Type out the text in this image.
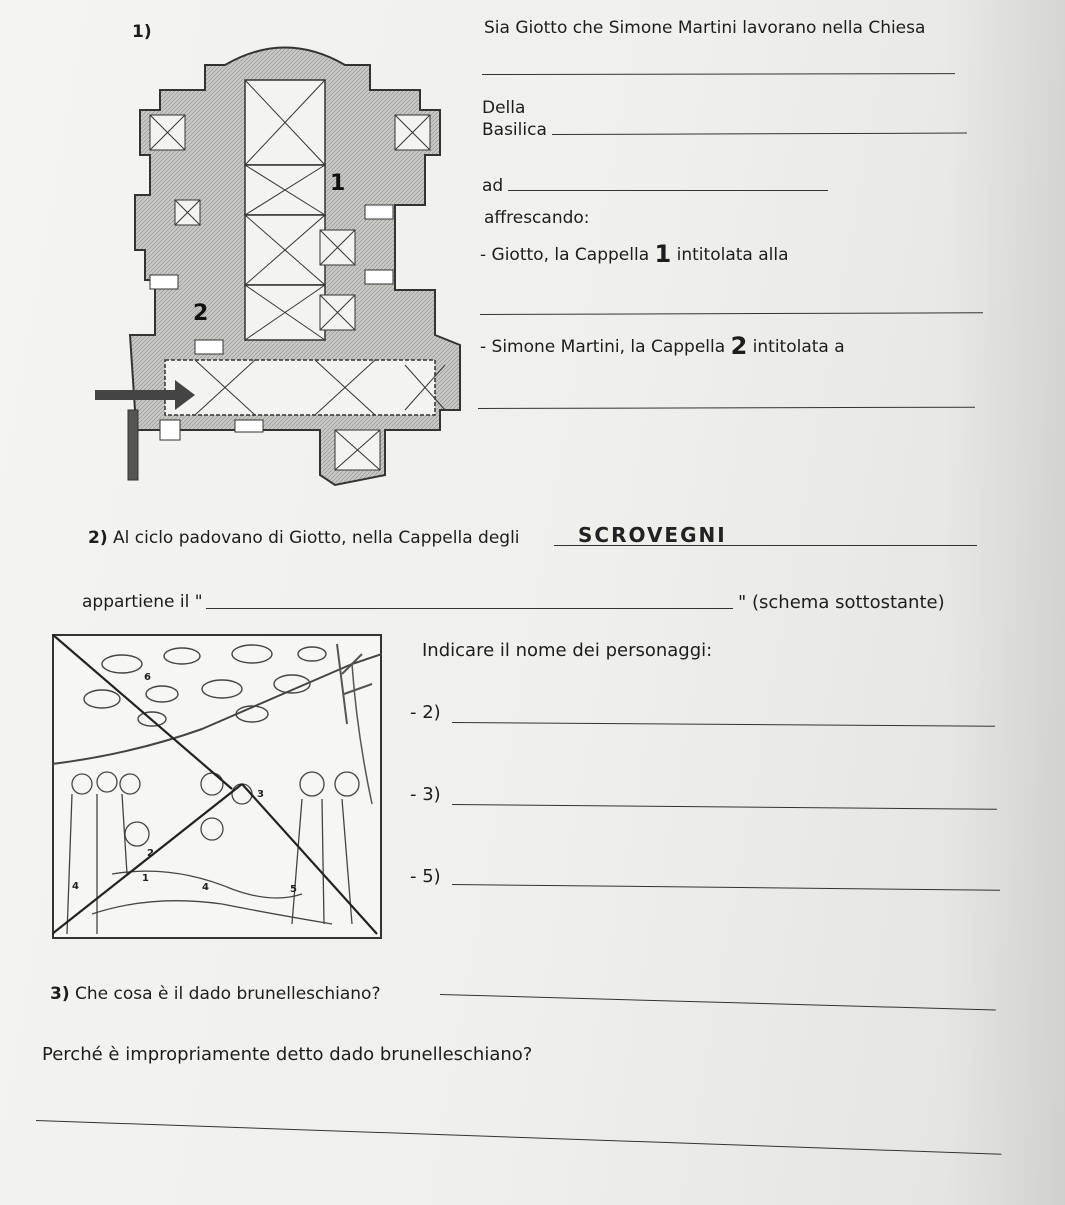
1)	Sia Giotto che Simone Martini lavorano nella Chiesa
Della
Basilica
ad
affrescando:
- Giotto, la Cappella 1 intitolata alla
- Simone Martini, la Cappella 2 intitolata a
1
2
2) Al ciclo padovano di Giotto, nella Cappella degli	SCROVEGNI
appartiene il "	" (schema sottostante)
6
3
2
1
4	4	5
Indicare il nome dei personaggi:
- 2)
- 3)
- 5)
3) Che cosa è il dado brunelleschiano?
Perché è impropriamente detto dado brunelleschiano?
